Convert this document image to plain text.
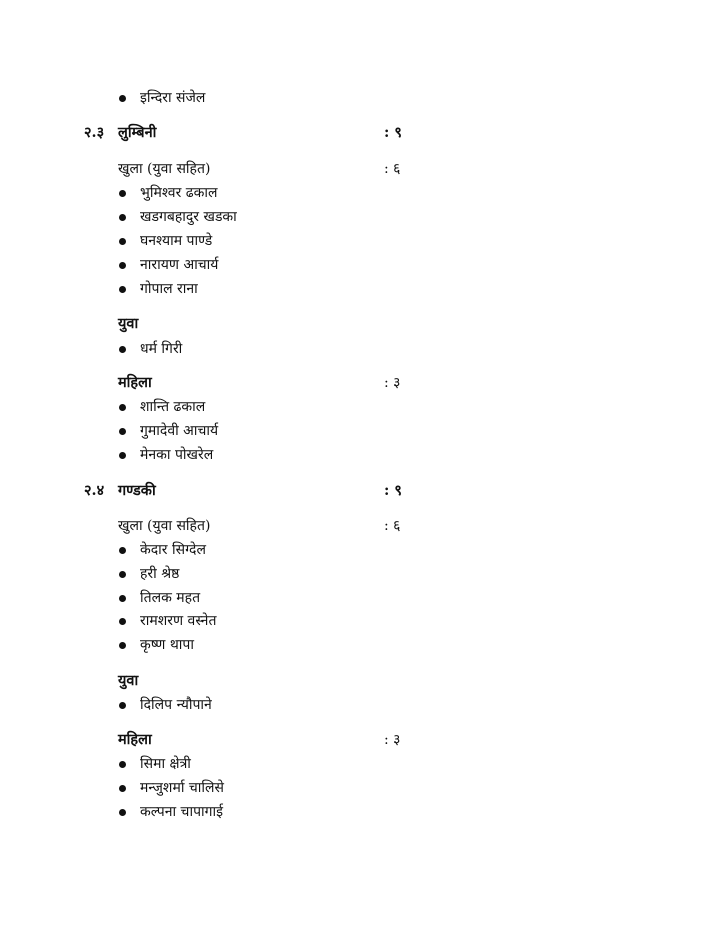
इन्दिरा संजेल
२.३ लुम्बिनी	: ९
खुला (युवा सहित)	: ६
भुमिश्वर ढकाल
खडगबहादुर खडका
घनश्याम पाण्डे
नारायण आचार्य
गोपाल राना
युवा
धर्म गिरी
महिला	: ३
शान्ति ढकाल
गुमादेवी आचार्य
मेनका पोखरेल
२.४ गण्डकी	: ९
खुला (युवा सहित)	: ६
केदार सिग्देल
हरी श्रेष्ठ
तिलक महत
रामशरण वस्नेत
कृष्ण थापा
युवा
दिलिप न्यौपाने
महिला	: ३
सिमा क्षेत्री
मन्जुशर्मा चालिसे
कल्पना चापागाई
